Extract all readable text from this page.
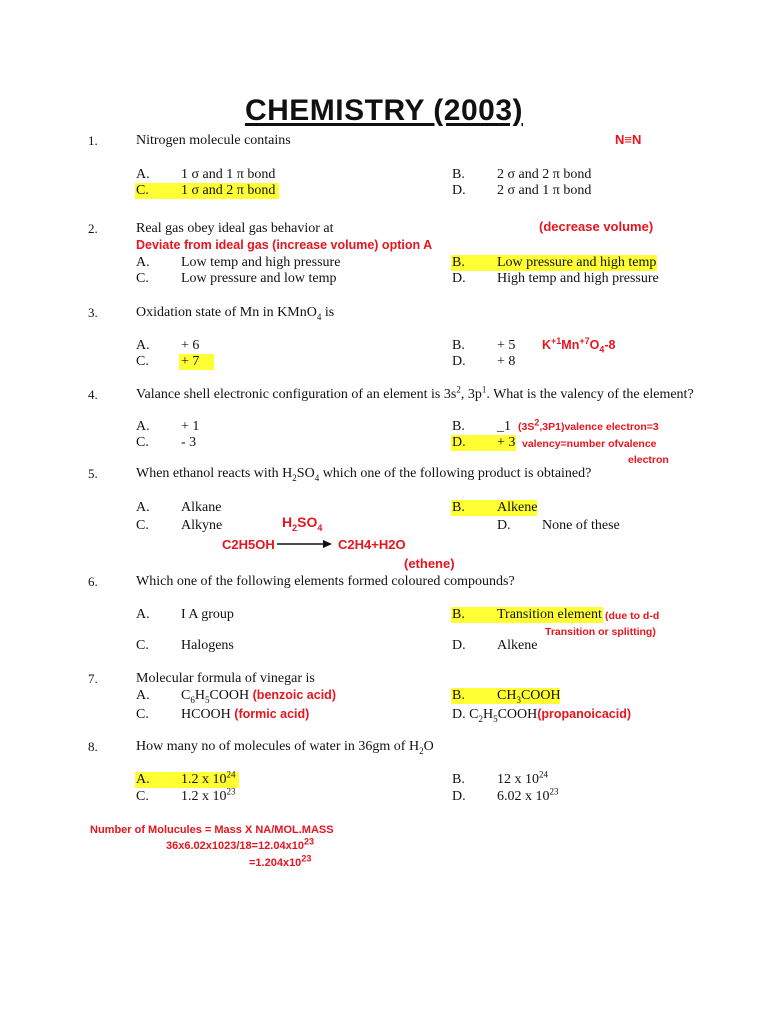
CHEMISTRY (2003)
1.	Nitrogen molecule contains	N≡N
A. 1 σ and 1 π bond	B. 2 σ and 2 π bond
C. 1 σ and 2 π bond	D. 2 σ and 1 π bond
2.	Real gas obey ideal gas behavior at	(decrease volume)
Deviate from ideal gas (increase volume) option A
A. Low temp and high pressure	B. Low pressure and high temp
C. Low pressure and low temp	D. High temp and high pressure
3.	Oxidation state of Mn in KMnO$_4$ is
A. + 6	B. + 5 $K^{+1}Mn^{+7}O_4-8$
C. + 7	D. + 8
4.	Valance shell electronic configuration of an element is $3s^2$, $3p^1$. What is the valency of the element?
A. + 1	B. _1 $(3S^2,3P1)valence$ electron=3
C. - 3	D. + 3 valency=number ofvalence
electron
5.	When ethanol reacts with $H_2SO_4$ which one of the following product is obtained?
A. Alkane	B. Alkene
C. Alkyne	$H_2SO_4$	D. None of these
C2H5OH → C2H4+H2O
(ethene)
6.	Which one of the following elements formed coloured compounds?
A. I A group	B. Transition element (due to d-d
Transition or splitting)
C. Halogens	D. Alkene
7.	Molecular formula of vinegar is
A. $C_6H_5COOH$ (benzoic acid)	B. $CH_3COOH$
C. HCOOH (formic acid)	D. $C_2H_5COOH(propanoicacid)$
8.	How many no of molecules of water in 36gm of $H_2O$
A. 1.2 x $10^{24}$	B. 12 x $10^{24}$
C. 1.2 x $10^{23}$	D. 6.02 x $10^{23}$
Number of Molucules = Mass X NA/MOL.MASS
$36x6.02x1023/18=12.04x10^{23}$
$=1.204x10^{23}$
